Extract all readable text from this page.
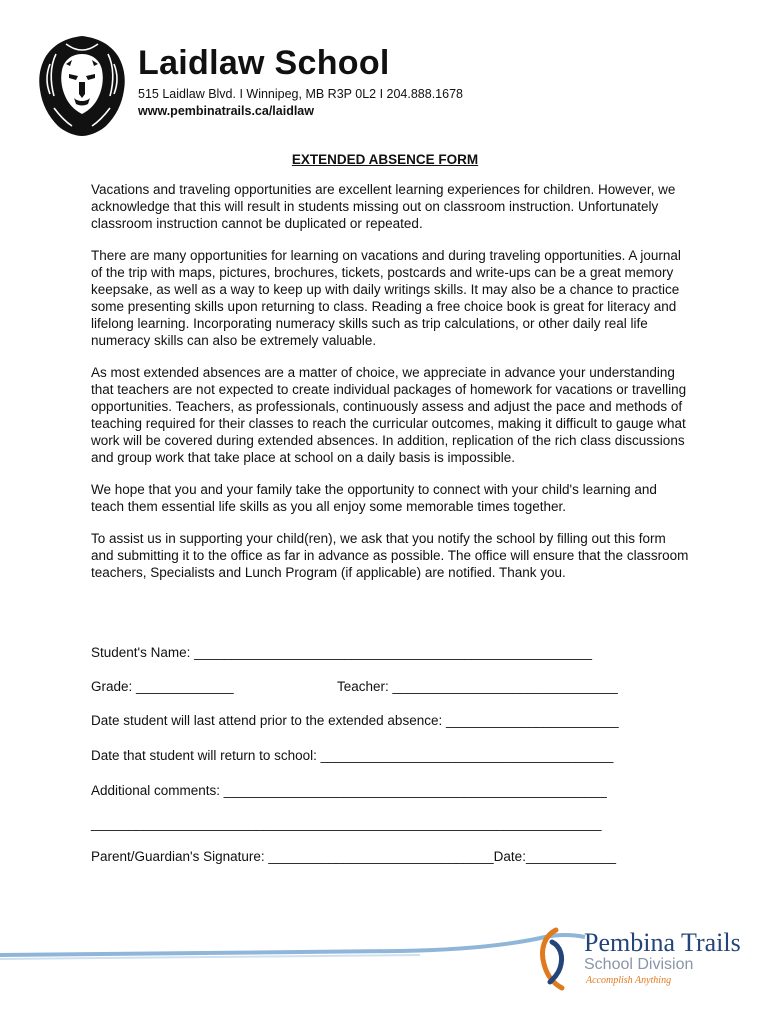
Laidlaw School
515 Laidlaw Blvd. I Winnipeg, MB R3P 0L2 I 204.888.1678
www.pembinatrails.ca/laidlaw
EXTENDED ABSENCE FORM

Vacations and traveling opportunities are excellent learning experiences for children. However, we acknowledge that this will result in students missing out on classroom instruction. Unfortunately classroom instruction cannot be duplicated or repeated.

There are many opportunities for learning on vacations and during traveling opportunities. A journal of the trip with maps, pictures, brochures, tickets, postcards and write-ups can be a great memory keepsake, as well as a way to keep up with daily writings skills. It may also be a chance to practice some presenting skills upon returning to class. Reading a free choice book is great for literacy and lifelong learning. Incorporating numeracy skills such as trip calculations, or other daily real life numeracy skills can also be extremely valuable.

As most extended absences are a matter of choice, we appreciate in advance your understanding that teachers are not expected to create individual packages of homework for vacations or travelling opportunities. Teachers, as professionals, continuously assess and adjust the pace and methods of teaching required for their classes to reach the curricular outcomes, making it difficult to gauge what work will be covered during extended absences. In addition, replication of the rich class discussions and group work that take place at school on a daily basis is impossible.

We hope that you and your family take the opportunity to connect with your child's learning and teach them essential life skills as you all enjoy some memorable times together.

To assist us in supporting your child(ren), we ask that you notify the school by filling out this form and submitting it to the office as far in advance as possible. The office will ensure that the classroom teachers, Specialists and Lunch Program (if applicable) are notified. Thank you.

Student's Name: _____________________________________________________
Grade: _____________	Teacher: ______________________________
Date student will last attend prior to the extended absence: _______________________
Date that student will return to school: _______________________________________
Additional comments: ___________________________________________________
____________________________________________________________________
Parent/Guardian's Signature: ______________________________Date:____________
Pembina Trails
School Division
Accomplish Anything
